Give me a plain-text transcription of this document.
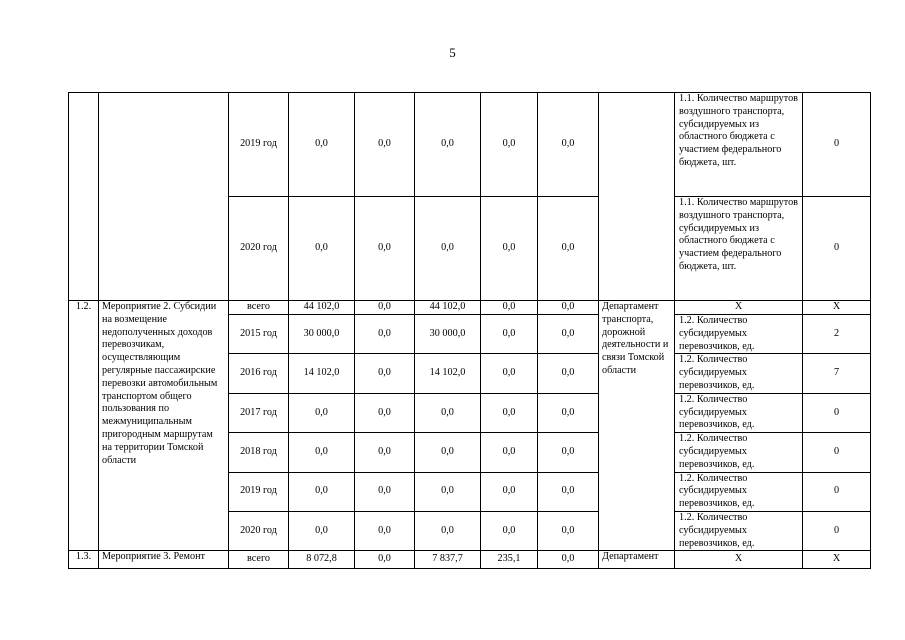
5
		2019 год	0,0	0,0	0,0	0,0	0,0		1.1. Количество маршрутов воздушного транспорта, субсидируемых из областного бюджета с участием федерального бюджета, шт.	0
		2020 год	0,0	0,0	0,0	0,0	0,0		1.1. Количество маршрутов воздушного транспорта, субсидируемых из областного бюджета с участием федерального бюджета, шт.	0
1.2.	Мероприятие 2. Субсидии на возмещение недополученных доходов перевозчикам, осуществляющим регулярные пассажирские перевозки автомобильным транспортом общего пользования по межмуниципальным пригородным маршрутам на территории Томской области	всего	44 102,0	0,0	44 102,0	0,0	0,0	Департамент транспорта, дорожной деятельности и связи Томской области	Х	Х
		2015 год	30 000,0	0,0	30 000,0	0,0	0,0		1.2. Количество субсидируемых перевозчиков, ед.	2
		2016 год	14 102,0	0,0	14 102,0	0,0	0,0		1.2. Количество субсидируемых перевозчиков, ед.	7
		2017 год	0,0	0,0	0,0	0,0	0,0		1.2. Количество субсидируемых перевозчиков, ед.	0
		2018 год	0,0	0,0	0,0	0,0	0,0		1.2. Количество субсидируемых перевозчиков, ед.	0
		2019 год	0,0	0,0	0,0	0,0	0,0		1.2. Количество субсидируемых перевозчиков, ед.	0
		2020 год	0,0	0,0	0,0	0,0	0,0		1.2. Количество субсидируемых перевозчиков, ед.	0
1.3.	Мероприятие 3. Ремонт	всего	8 072,8	0,0	7 837,7	235,1	0,0	Департамент	Х	Х
